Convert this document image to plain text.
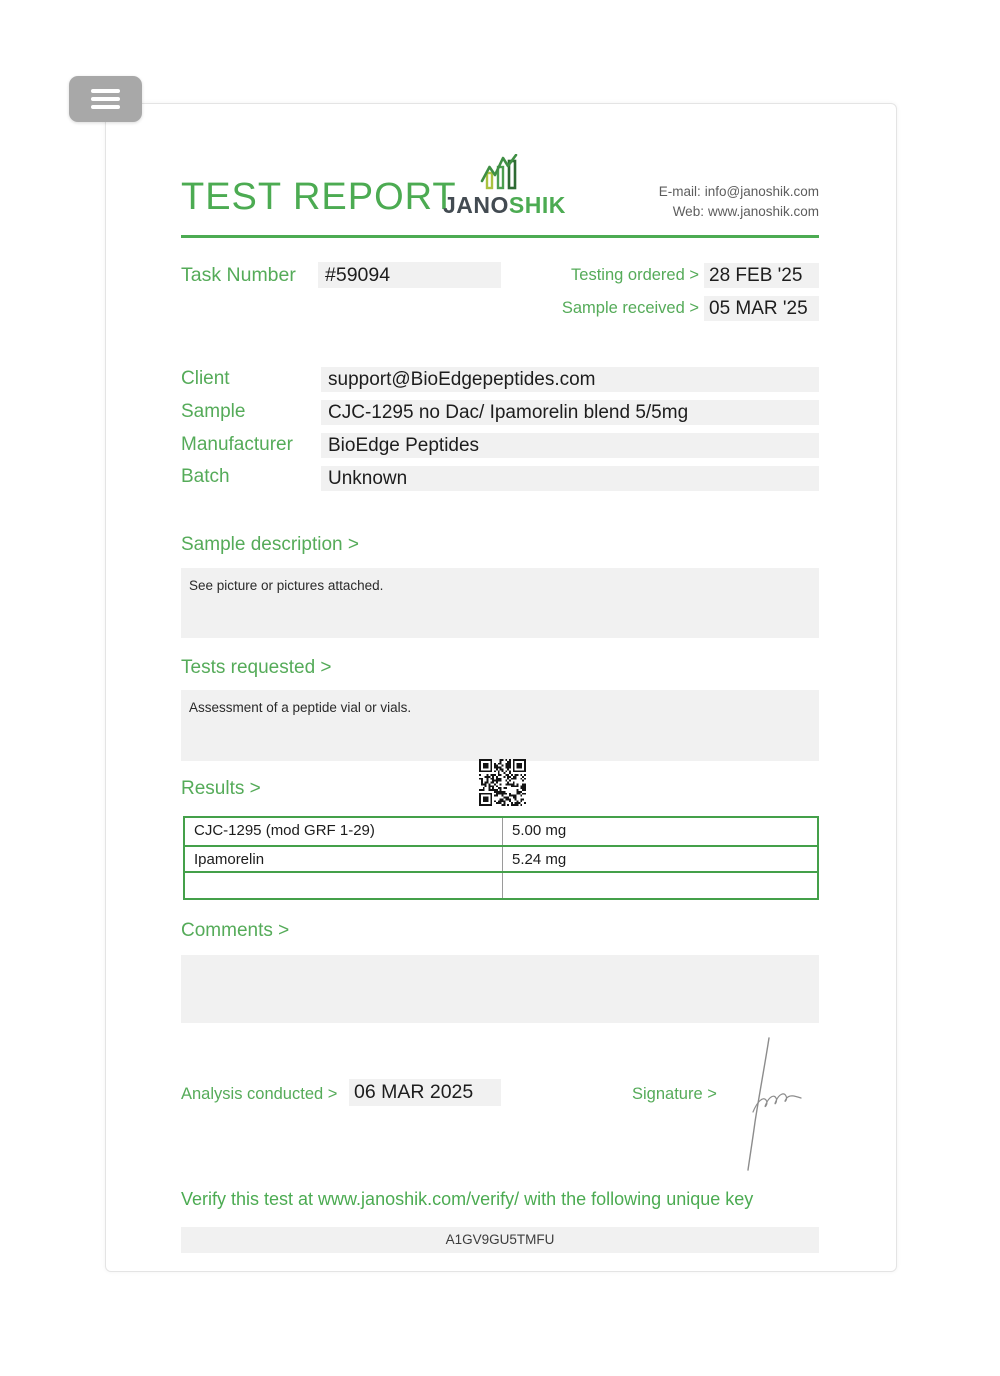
TEST REPORT
JANOSHIK
E-mail: info@janoshik.com
Web: www.janoshik.com
Task Number	#59094	Testing ordered > 28 FEB '25
Sample received > 05 MAR '25
Client	support@BioEdgepeptides.com
Sample	CJC-1295 no Dac/ Ipamorelin blend 5/5mg
Manufacturer	BioEdge Peptides
Batch	Unknown
Sample description >
See picture or pictures attached.
Tests requested >
Assessment of a peptide vial or vials.
Results >
CJC-1295 (mod GRF 1-29)	5.00 mg
Ipamorelin	5.24 mg
Comments >
Analysis conducted > 06 MAR 2025	Signature >
Verify this test at www.janoshik.com/verify/ with the following unique key
A1GV9GU5TMFU
